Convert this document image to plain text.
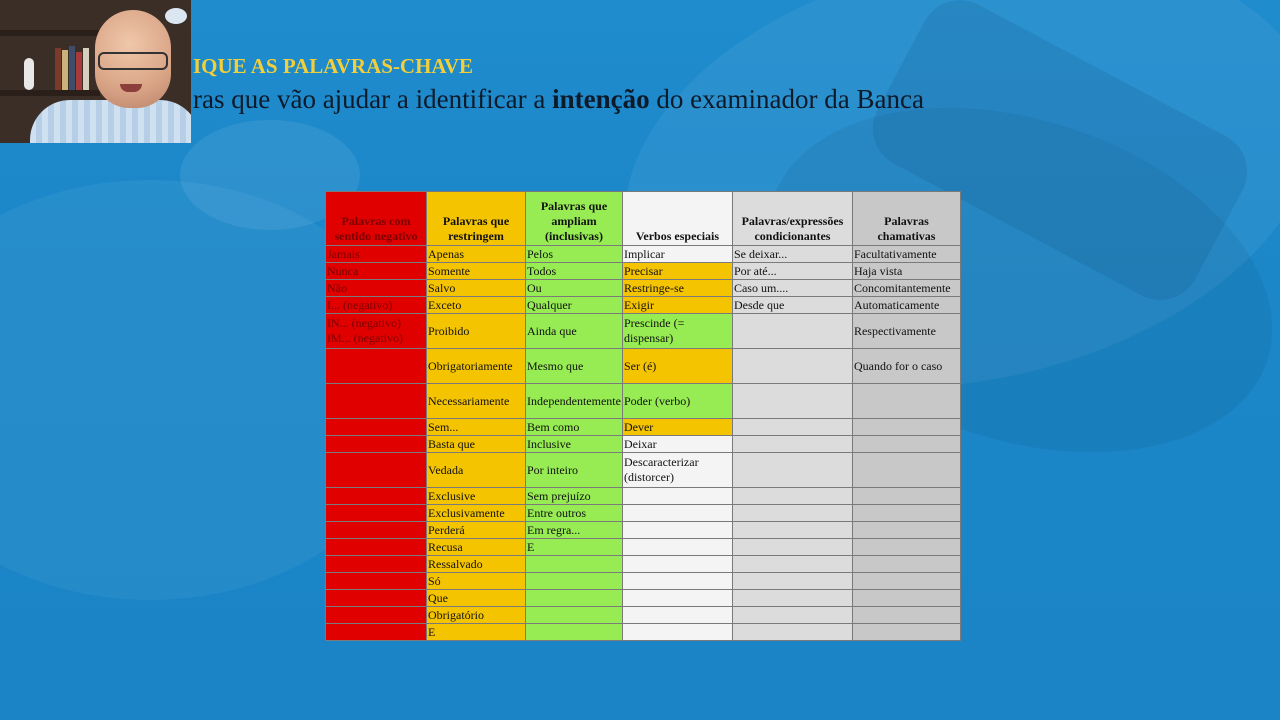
IQUE AS PALAVRAS-CHAVE
ras que vão ajudar a identificar a intenção do examinador da Banca
Palavras com sentido negativo	Palavras que restringem	Palavras que ampliam (inclusivas)	Verbos especiais	Palavras/expressões condicionantes	Palavras chamativas
Jamais	Apenas	Pelos	Implicar	Se deixar...	Facultativamente
Nunca	Somente	Todos	Precisar	Por até...	Haja vista
Não	Salvo	Ou	Restringe-se	Caso um....	Concomitantemente
I... (negativo)	Exceto	Qualquer	Exigir	Desde que	Automaticamente
IN... (negativo) IM... (negativo)	Proibido	Ainda que	Prescinde (= dispensar)		Respectivamente
	Obrigatoriamente	Mesmo que	Ser (é)		Quando for o caso
	Necessariamente	Independentemente	Poder (verbo)		
	Sem...	Bem como	Dever		
	Basta que	Inclusive	Deixar		
	Vedada	Por inteiro	Descaracterizar (distorcer)		
	Exclusive	Sem prejuízo			
	Exclusivamente	Entre outros			
	Perderá	Em regra...			
	Recusa	E			
	Ressalvado				
	Só				
	Que				
	Obrigatório				
	E				
